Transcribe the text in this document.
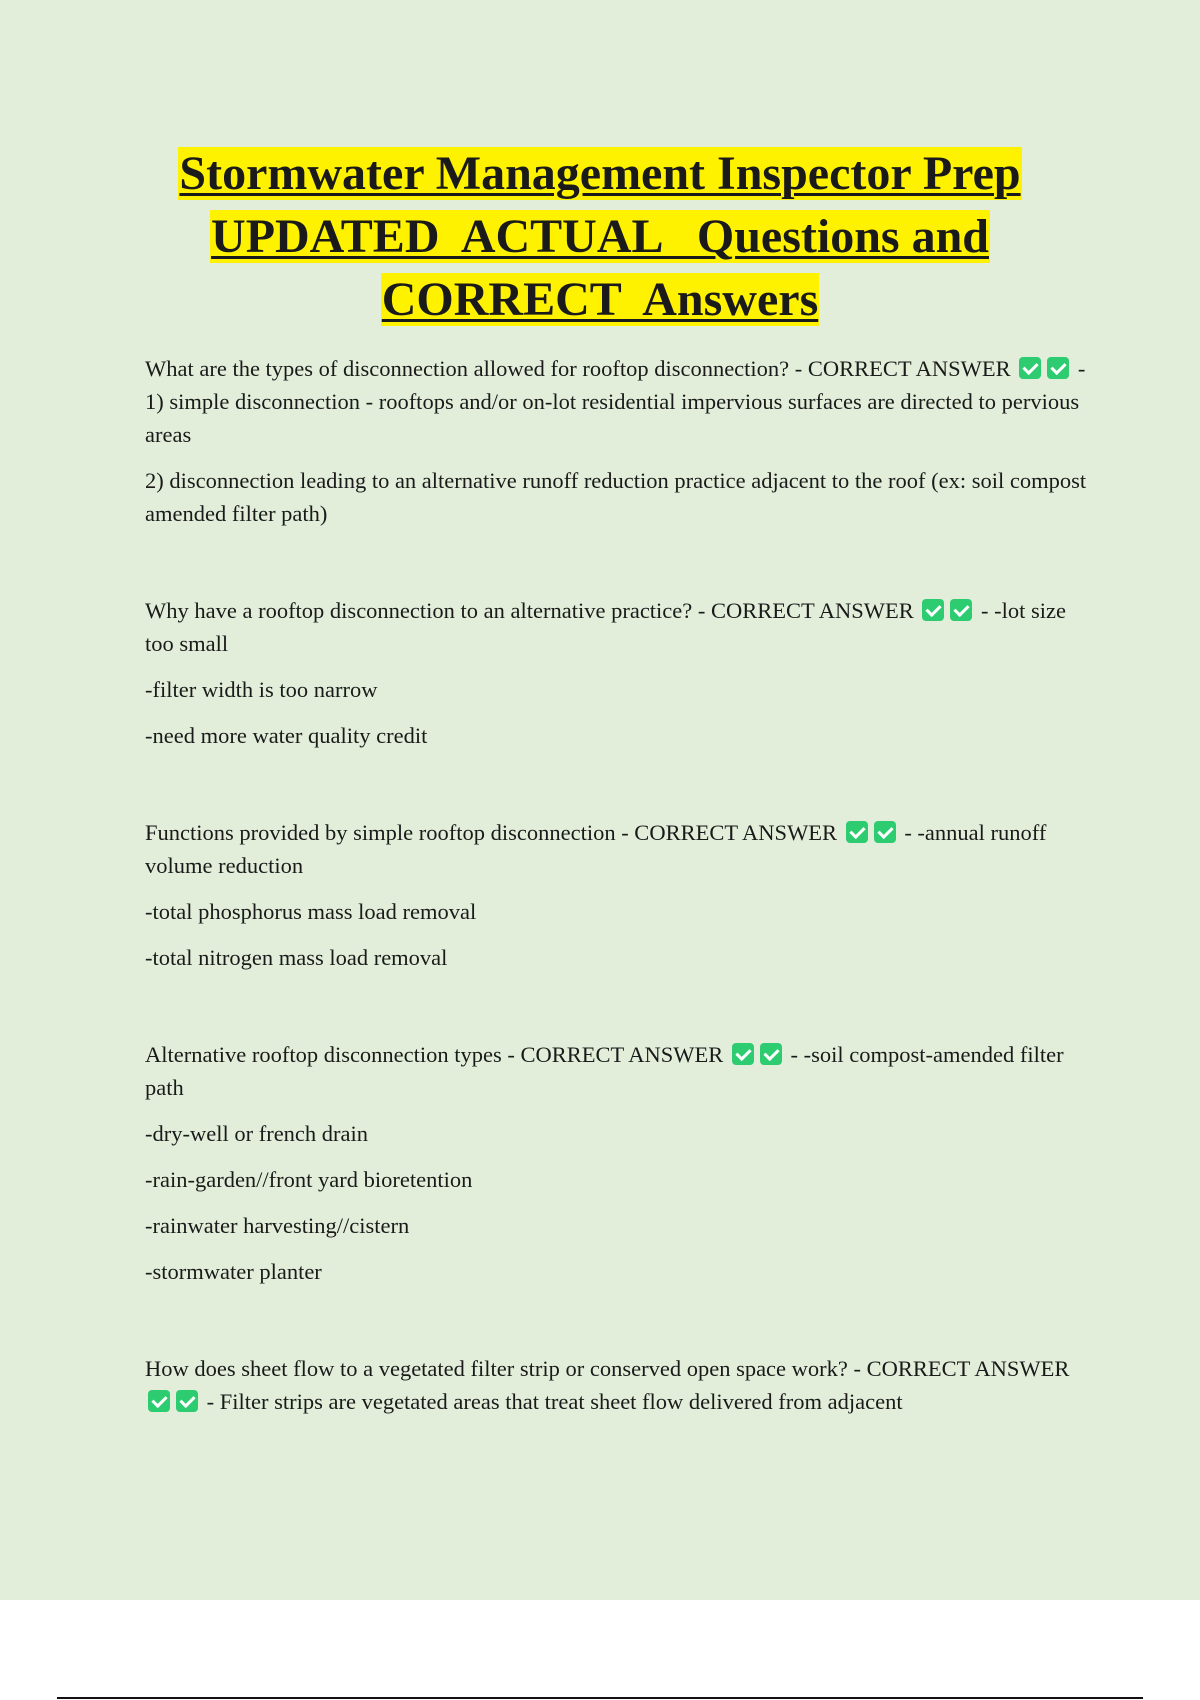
Stormwater Management Inspector Prep
UPDATED  ACTUAL   Questions and
CORRECT  Answers

What are the types of disconnection allowed for rooftop disconnection? - CORRECT ANSWER	- 1) simple disconnection - rooftops and/or on-lot residential impervious surfaces are directed to pervious areas

2) disconnection leading to an alternative runoff reduction practice adjacent to the roof (ex: soil compost amended filter path)

Why have a rooftop disconnection to an alternative practice? - CORRECT ANSWER	- -lot size too small

-filter width is too narrow

-need more water quality credit

Functions provided by simple rooftop disconnection - CORRECT ANSWER	- -annual runoff volume reduction

-total phosphorus mass load removal

-total nitrogen mass load removal

Alternative rooftop disconnection types - CORRECT ANSWER	- -soil compost-amended filter path

-dry-well or french drain

-rain-garden//front yard bioretention

-rainwater harvesting//cistern

-stormwater planter

How does sheet flow to a vegetated filter strip or conserved open space work? - CORRECT ANSWER  - Filter strips are vegetated areas that treat sheet flow delivered from adjacent
